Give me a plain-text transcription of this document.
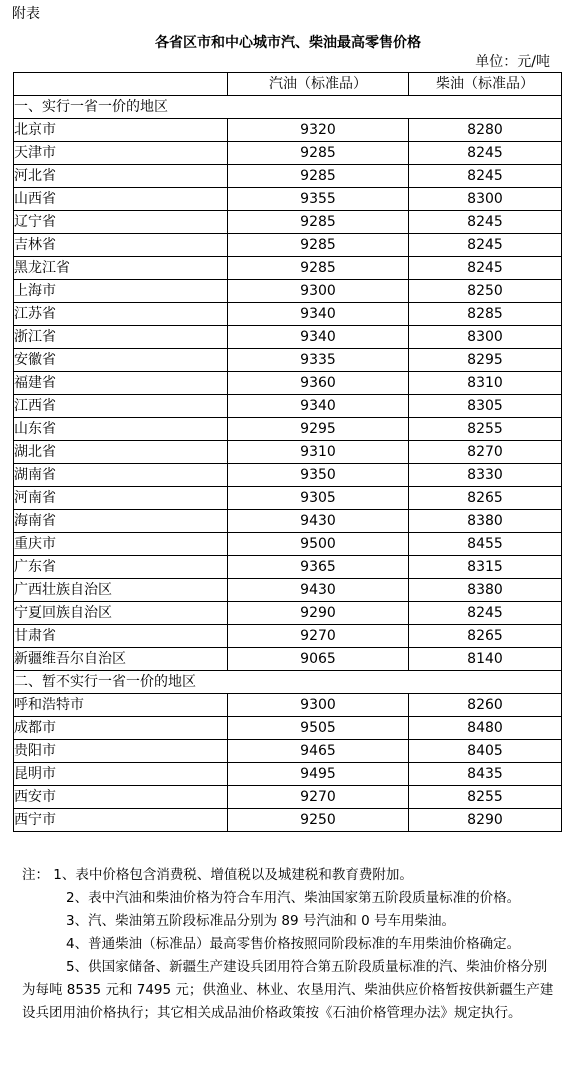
附表
各省区市和中心城市汽、柴油最高零售价格
单位：元/吨
	汽油（标准品）	柴油（标准品）
一、实行一省一价的地区		
北京市	9320	8280
天津市	9285	8245
河北省	9285	8245
山西省	9355	8300
辽宁省	9285	8245
吉林省	9285	8245
黑龙江省	9285	8245
上海市	9300	8250
江苏省	9340	8285
浙江省	9340	8300
安徽省	9335	8295
福建省	9360	8310
江西省	9340	8305
山东省	9295	8255
湖北省	9310	8270
湖南省	9350	8330
河南省	9305	8265
海南省	9430	8380
重庆市	9500	8455
广东省	9365	8315
广西壮族自治区	9430	8380
宁夏回族自治区	9290	8245
甘肃省	9270	8265
新疆维吾尔自治区	9065	8140
二、暂不实行一省一价的地区		
呼和浩特市	9300	8260
成都市	9505	8480
贵阳市	9465	8405
昆明市	9495	8435
西安市	9270	8255
西宁市	9250	8290

注： 1、表中价格包含消费税、增值税以及城建税和教育费附加。

2、表中汽油和柴油价格为符合车用汽、柴油国家第五阶段质量标准的价格。

3、汽、柴油第五阶段标准品分别为 89 号汽油和 0 号车用柴油。

4、普通柴油（标准品）最高零售价格按照同阶段标准的车用柴油价格确定。

5、供国家储备、新疆生产建设兵团用符合第五阶段质量标准的汽、柴油价格分别为每吨 8535 元和 7495 元；供渔业、林业、农垦用汽、柴油供应价格暂按供新疆生产建设兵团用油价格执行；其它相关成品油价格政策按《石油价格管理办法》规定执行。
